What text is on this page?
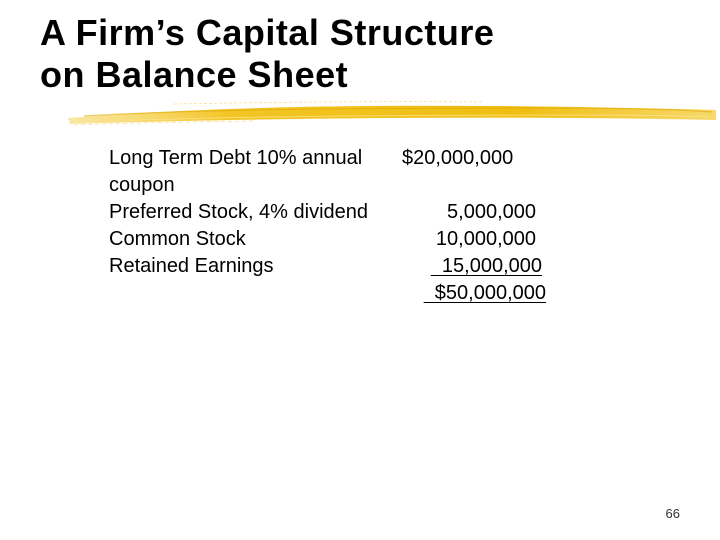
A Firm’s Capital Structure
on Balance Sheet
Long Term Debt 10% annual $20,000,000
coupon
Preferred Stock, 4% dividend	5,000,000
Common Stock	10,000,000
Retained Earnings	15,000,000
$50,000,000
66
